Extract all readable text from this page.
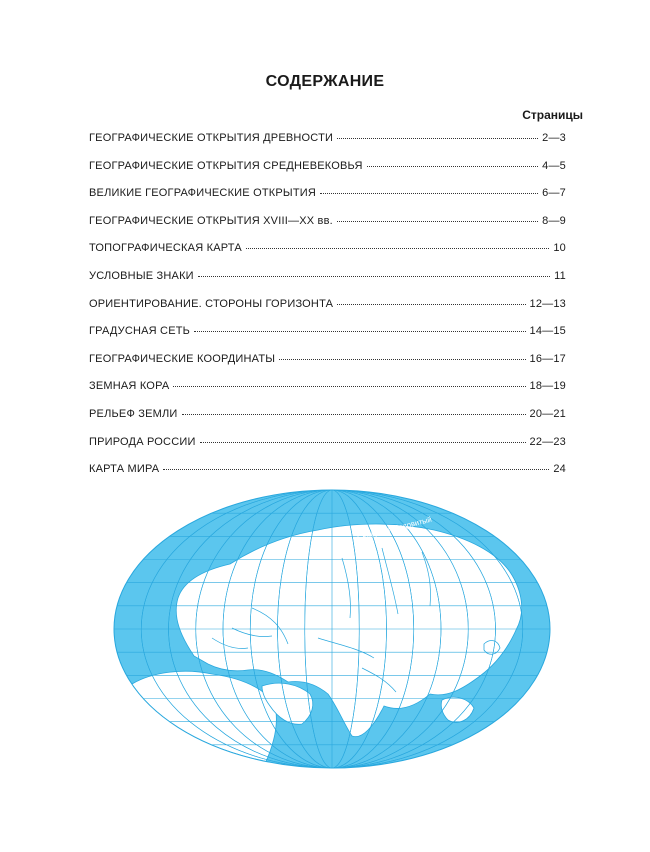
СОДЕРЖАНИЕ
Страницы
ГЕОГРАФИЧЕСКИЕ ОТКРЫТИЯ ДРЕВНОСТИ	2—3
ГЕОГРАФИЧЕСКИЕ ОТКРЫТИЯ СРЕДНЕВЕКОВЬЯ	4—5
ВЕЛИКИЕ ГЕОГРАФИЧЕСКИЕ ОТКРЫТИЯ	6—7
ГЕОГРАФИЧЕСКИЕ ОТКРЫТИЯ XVIII—XX вв.	8—9
ТОПОГРАФИЧЕСКАЯ КАРТА	10
УСЛОВНЫЕ ЗНАКИ	11
ОРИЕНТИРОВАНИЕ. СТОРОНЫ ГОРИЗОНТА	12—13
ГРАДУСНАЯ СЕТЬ	14—15
ГЕОГРАФИЧЕСКИЕ КООРДИНАТЫ	16—17
ЗЕМНАЯ КОРА	18—19
РЕЛЬЕФ ЗЕМЛИ	20—21
ПРИРОДА РОССИИ	22—23
КАРТА МИРА	24
Северный Ледовитый
